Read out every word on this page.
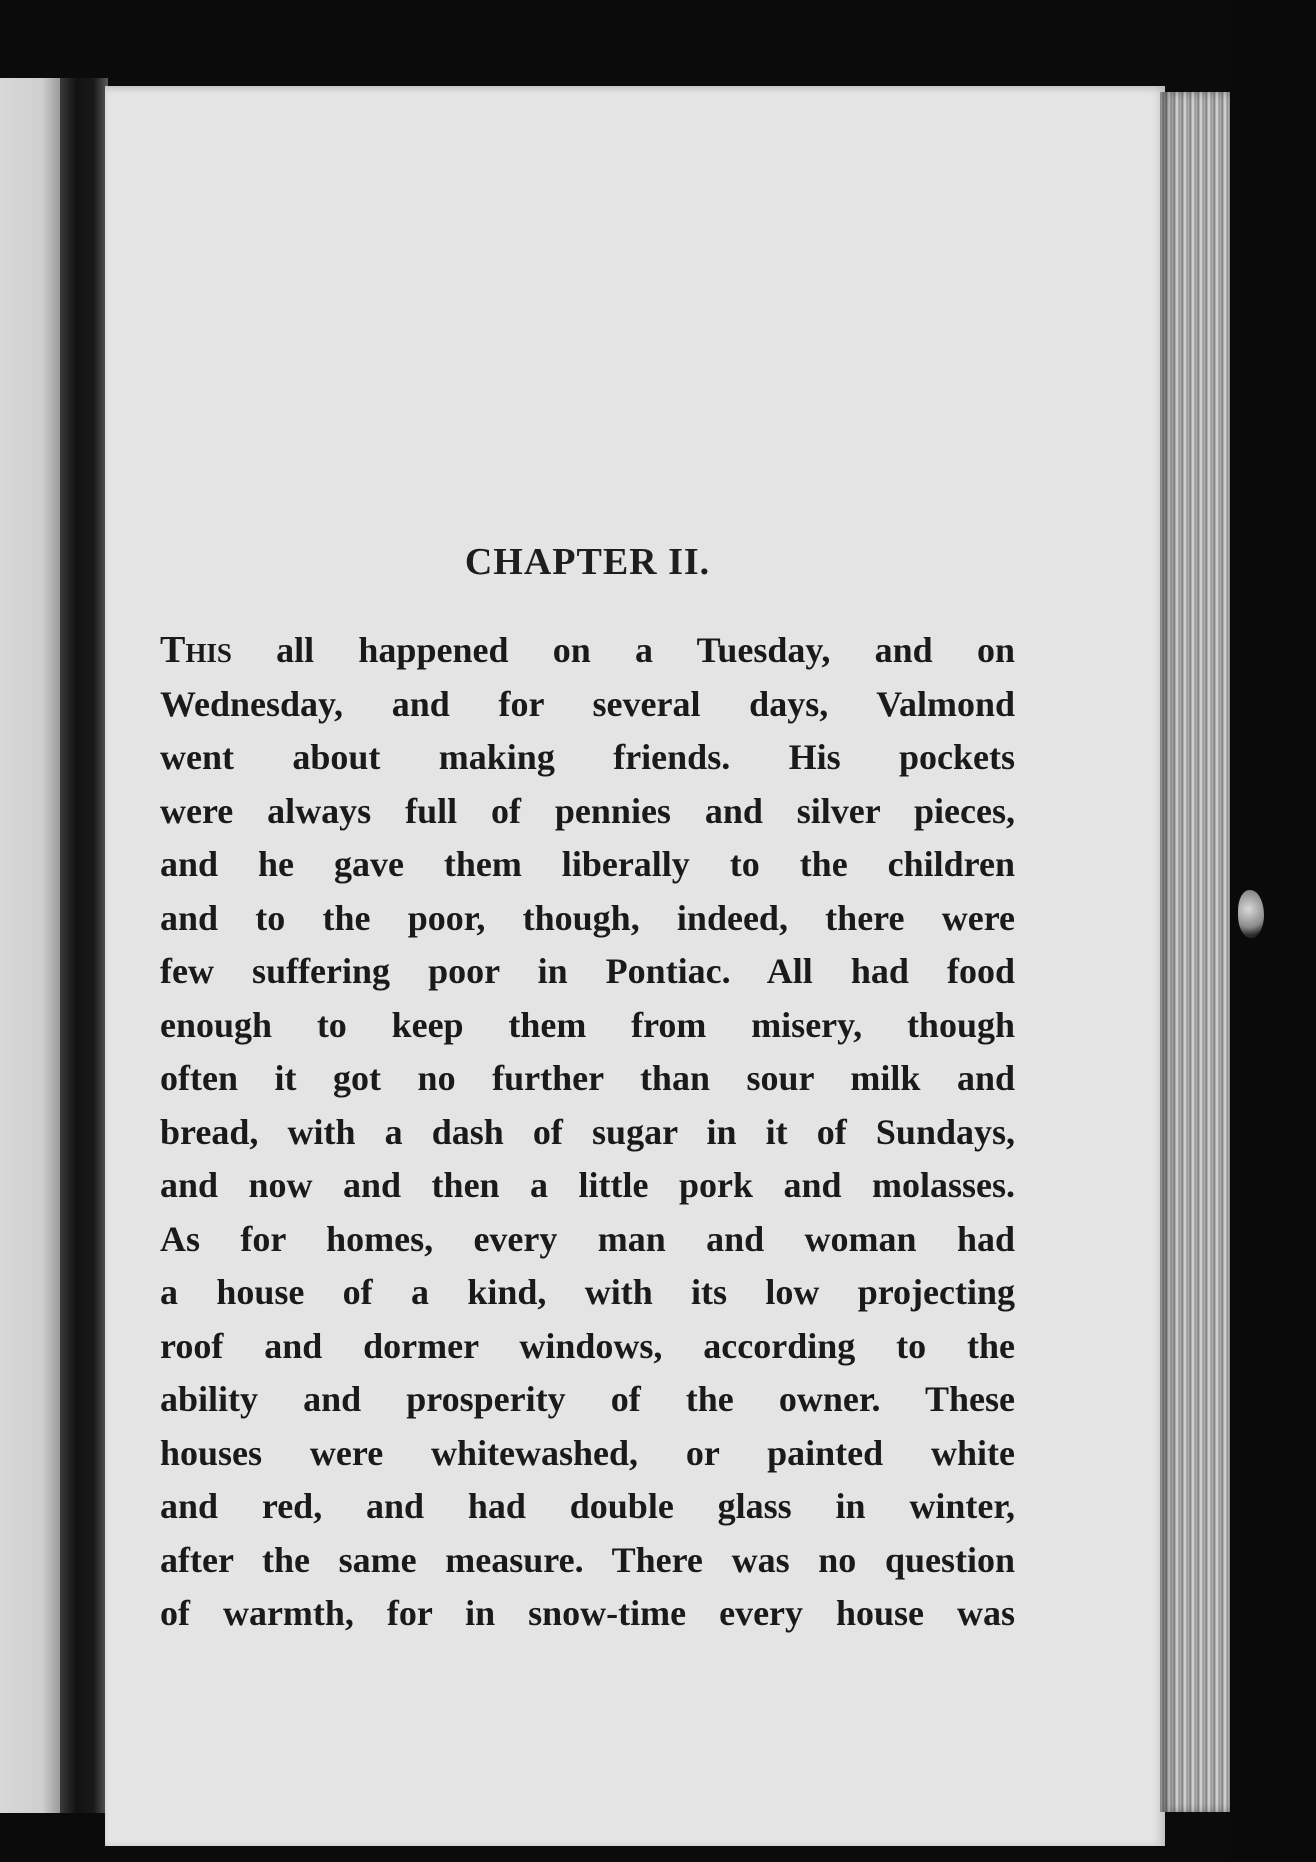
CHAPTER II.
This all happened on a Tuesday, and on
Wednesday, and for several days, Valmond
went about making friends. His pockets
were always full of pennies and silver pieces,
and he gave them liberally to the children
and to the poor, though, indeed, there were
few suffering poor in Pontiac. All had food
enough to keep them from misery, though
often it got no further than sour milk and
bread, with a dash of sugar in it of Sundays,
and now and then a little pork and molasses.
As for homes, every man and woman had
a house of a kind, with its low projecting
roof and dormer windows, according to the
ability and prosperity of the owner. These
houses were whitewashed, or painted white
and red, and had double glass in winter,
after the same measure. There was no question
of warmth, for in snow-time every house was
